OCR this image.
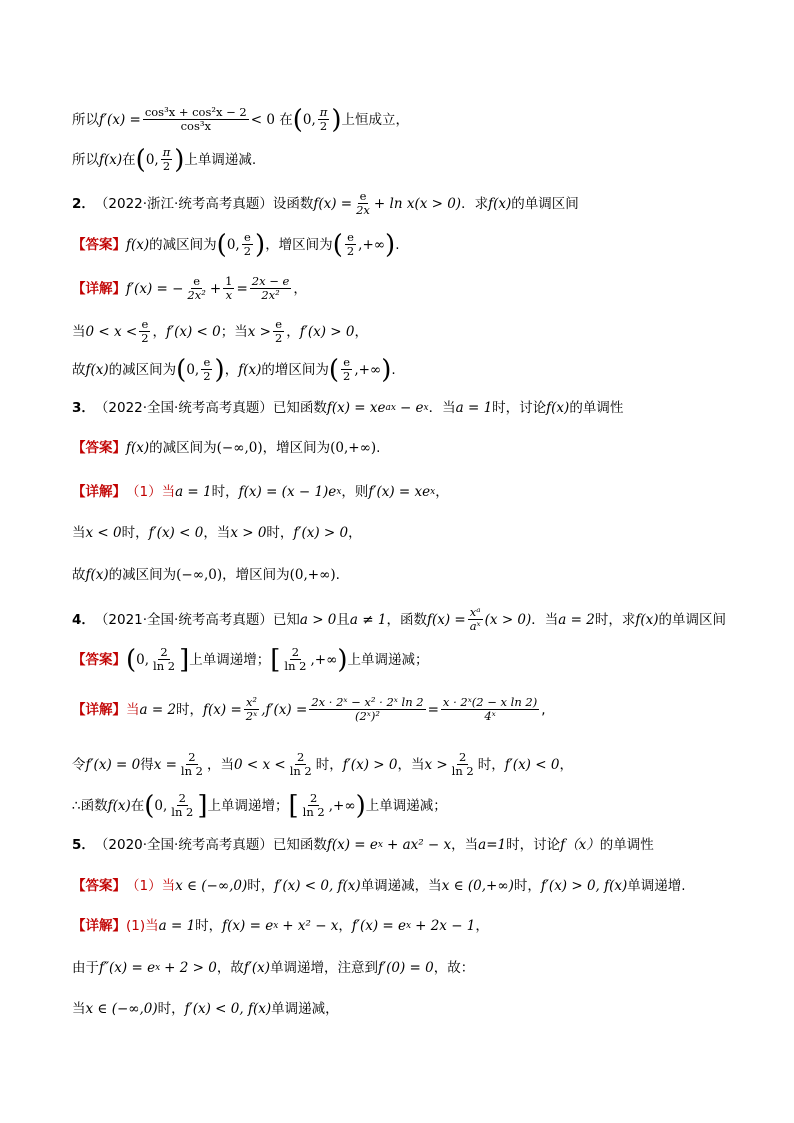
所以 $f'(x) = \frac{\text{cos³x + cos²x − 2}}{\text{cos³x}} < 0$ 在 ( 0, $\frac{\pi}{2}$ ) 上恒成立，
所以 f(x) 在 ( 0, $\frac{\pi}{2}$ ) 上单调递减.
2． （2022·浙江·统考高考真题） 设函数 $f(x) = \frac{e}{2x} + \ln x(x > 0)$ ．求 f(x) 的单调区间
【答案】 f(x) 的减区间为 ( 0, $\frac{e}{2}$ ) ，增区间为 ( $\frac{e}{2}$ ,+∞ ) .
【详解】 f′(x) = − $\frac{e}{\text{2x²}} + \frac{1}{x} = \frac{2x - e}{\text{2x²}}$ ，
当 $0 < x < \frac{e}{2}$ ， f′(x) < 0 ；当 $x > \frac{e}{2}$ ， f′(x) > 0 ，
故 f(x) 的减区间为 ( 0, $\frac{e}{2}$ ) ， f(x) 的增区间为 ( $\frac{e}{2}$ ,+∞ ) .
3． （2022·全国·统考高考真题） 已知函数 f(x) = xe ax − e x ．当 a = 1 时，讨论 f(x) 的单调性
【答案】 f(x) 的减区间为 (−∞,0) ，增区间为 (0,+∞) .
【详解】 （1）当 a = 1 时， f(x) = (x − 1)e x ，则 f′(x) = xe x ，
当 x < 0 时， f′(x) < 0 ，当 x > 0 时， f′(x) > 0 ，
故 f(x) 的减区间为 (−∞,0) ，增区间为 (0,+∞) .
4． （2021·全国·统考高考真题） 已知 a > 0 且 a ≠ 1 ，函数 $f(x) = \frac{\text{xᵃ}}{\text{aˣ}} (x > 0)$ ．当 a = 2 时，求 f(x) 的单调区间
【答案】 ( 0, $\frac{2}{\ln 2}$ ] 上单调递增； [ $\frac{2}{\ln 2}$ ,+∞ ) 上单调递减；
【详解】 当 a = 2 时， $f(x) = \frac{\text{x²}}{\text{2ˣ}} ,f'(x) = \frac{\text{2x · 2ˣ − x² · 2ˣ ln 2}}{\text{(2ˣ)²}} = \frac{\text{x · 2ˣ(2 − x ln 2)}}{\text{4ˣ}}$ ,
令 f′(x) = 0 得 $x = \frac{2}{\ln 2}$ ，当 $0 < x < \frac{2}{\ln 2}$ 时， f′(x) > 0 ，当 $x > \frac{2}{\ln 2}$ 时， f′(x) < 0 ，
∴函数 f(x) 在 ( 0, $\frac{2}{\ln 2}$ ] 上单调递增； [ $\frac{2}{\ln 2}$ ,+∞ ) 上单调递减；
5． （2020·全国·统考高考真题） 已知函数 f(x) = e x + ax² − x ，当 a=1 时，讨论 f（x） 的单调性
【答案】 （1）当 x ∈ (−∞,0) 时， f′(x) < 0, f(x) 单调递减，当 x ∈ (0,+∞) 时， f′(x) > 0, f(x) 单调递增.
【详解】 (1)当 a = 1 时， f(x) = e x + x² − x ， f′(x) = e x + 2x − 1 ，
由于 f″(x) = e x + 2 > 0 ，故 f′(x) 单调递增，注意到 f′(0) = 0 ，故：
当 x ∈ (−∞,0) 时， f′(x) < 0, f(x) 单调递减，
